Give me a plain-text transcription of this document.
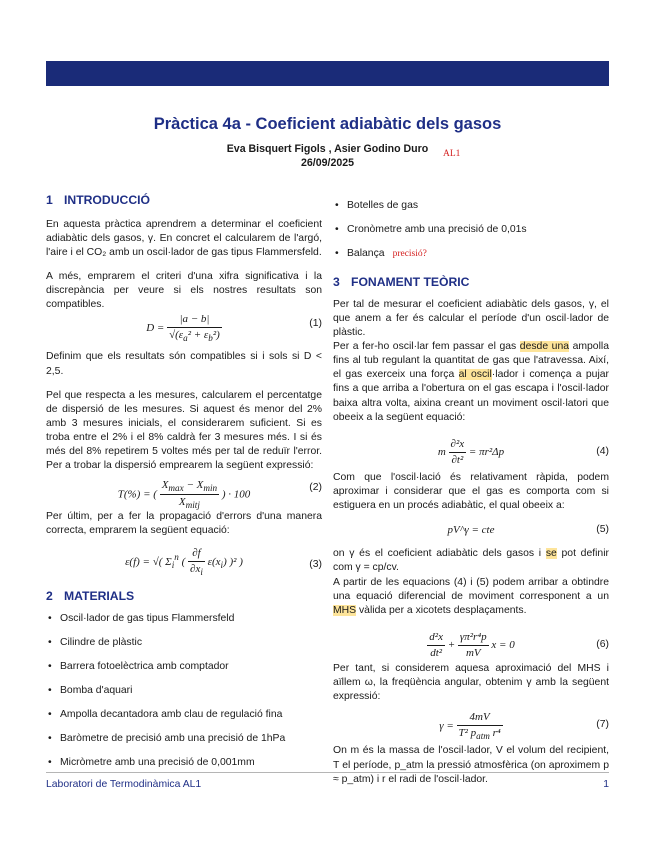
Pràctica 4a - Coeficient adiabàtic dels gasos
Eva Bisquert Figols , Asier Godino Duro
26/09/2025
AL1
1 INTRODUCCIÓ

En aquesta pràctica aprendrem a determinar el coeficient adiabàtic dels gasos, γ. En concret el calcularem de l'argó, l'aire i el CO₂ amb un oscil·lador de gas tipus Flammersfeld.

A més, emprarem el criteri d'una xifra significativa i la discrepància per veure si els nostres resultats son compatibles.

$D = \frac{|a - b|}{√(\varepsilon_a^2 + \varepsilon_b^2)}$	(1)

Definim que els resultats són compatibles si i sols si D < 2,5.

Pel que respecta a les mesures, calcularem el percentatge de dispersió de les mesures. Si aquest és menor del 2% amb 3 mesures inicials, el considerarem suficient. Si es troba entre el 2% i el 8% caldrà fer 3 mesures més. I si és més del 8% repetirem 5 voltes més per tal de reduïr l'error. Per a trobar la dispersió emprearem la següent expressió:

T(%) = ( $\frac{X_{max} - X_{min}}{X_{mitj}}$ ) · 100
(2)

Per últim, per a fer la propagació d'errors d'una manera correcta, emprarem la següent equació:

ε(f) = √( $\Sigma_i^n$ ( $\frac{\partial f}{\partial x_i} \varepsilon(x_i)$ )² )	(3)
2 MATERIALS
• Oscil·lador de gas tipus Flammersfeld
• Cilindre de plàstic
• Barrera fotoelèctrica amb comptador
• Bomba d'aquari
• Ampolla decantadora amb clau de regulació fina
• Baròmetre de precisió amb una precisió de 1hPa
• Micròmetre amb una precisió de 0,001mm
• Botelles de gas
• Cronòmetre amb una precisió de 0,01s
• Balança precisió?
3 FONAMENT TEÒRIC

Per tal de mesurar el coeficient adiabàtic dels gasos, γ, el que anem a fer és calcular el període d'un oscil·lador de plàstic.

Per a fer-ho oscil·lar fem passar el gas desde una ampolla fins al tub regulant la quantitat de gas que l'atravessa. Així, el gas exerceix una força al oscil·lador i comença a pujar fins a que arriba a l'obertura on el gas escapa i l'oscil·lador baixa altra volta, aixina creant un moviment oscil·latori que obeeix a la següent equació:

m $\frac{\text{∂²x}}{\text{∂t²}} = \pi r^2\Delta p$	(4)

Com que l'oscil·lació és relativament ràpida, podem aproximar i considerar que el gas es comporta com si estiguera en un procés adiabàtic, el qual obeeix a:

pV^γ = cte	(5)

on γ és el coeficient adiabàtic dels gasos i se pot definir com γ = cp/cv.

A partir de les equacions (4) i (5) podem arribar a obtindre una equació diferencial de moviment corresponent a un MHS vàlida per a xicotets desplaçaments.

$\frac{\text{d²x}}{\text{dt²}} + \frac{\text{γπ²r⁴p}}{mV}$ x = 0	(6)

Per tant, si considerem aquesa aproximació del MHS i aïllem ω, la freqüència angular, obtenim γ amb la següent expressió:

$\gamma = \frac{4mV}{T^2 p_{atm} r^4}$	(7)

On m és la massa de l'oscil·lador, V el volum del recipient, T el període, p_atm la pressió atmosfèrica (on aproximem p ≈ p_atm) i r el radi de l'oscil·lador.

Laboratori de Termodinàmica AL1	1
